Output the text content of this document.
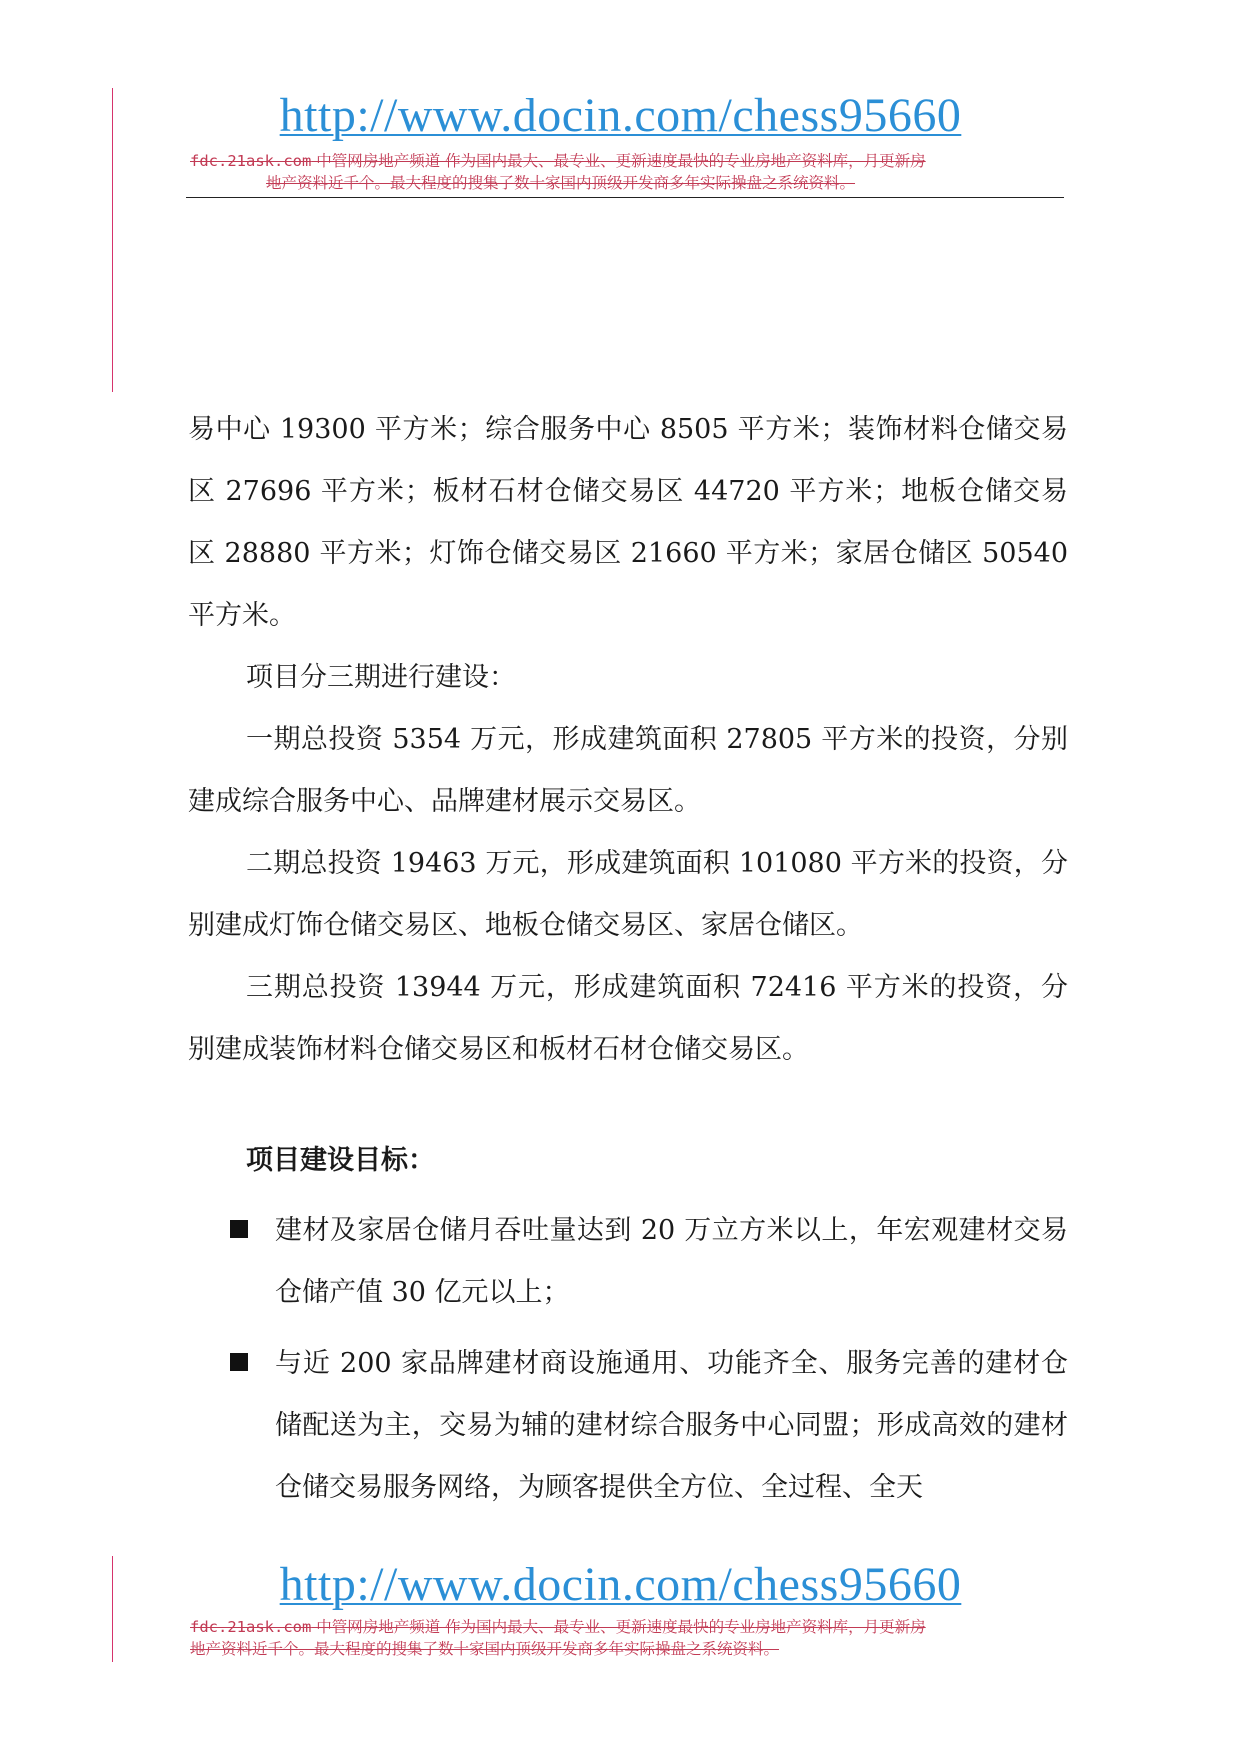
http://www.docin.com/chess95660
fdc.21ask.com 中管网房地产频道 作为国内最大、最专业、更新速度最快的专业房地产资料库，月更新房
地产资料近千个。最大程度的搜集了数十家国内顶级开发商多年实际操盘之系统资料。

易中心 19300 平方米；综合服务中心 8505 平方米；装饰材料仓储交易区 27696 平方米；板材石材仓储交易区 44720 平方米；地板仓储交易区 28880 平方米；灯饰仓储交易区 21660 平方米；家居仓储区 50540 平方米。

项目分三期进行建设：

一期总投资 5354 万元，形成建筑面积 27805 平方米的投资，分别建成综合服务中心、品牌建材展示交易区。

二期总投资 19463 万元，形成建筑面积 101080 平方米的投资，分别建成灯饰仓储交易区、地板仓储交易区、家居仓储区。

三期总投资 13944 万元，形成建筑面积 72416 平方米的投资，分别建成装饰材料仓储交易区和板材石材仓储交易区。

项目建设目标：
建材及家居仓储月吞吐量达到 20 万立方米以上，年宏观建材交易仓储产值 30 亿元以上；
与近 200 家品牌建材商设施通用、功能齐全、服务完善的建材仓储配送为主，交易为辅的建材综合服务中心同盟；形成高效的建材仓储交易服务网络，为顾客提供全方位、全过程、全天
http://www.docin.com/chess95660
fdc.21ask.com 中管网房地产频道 作为国内最大、最专业、更新速度最快的专业房地产资料库，月更新房
地产资料近千个。最大程度的搜集了数十家国内顶级开发商多年实际操盘之系统资料。
